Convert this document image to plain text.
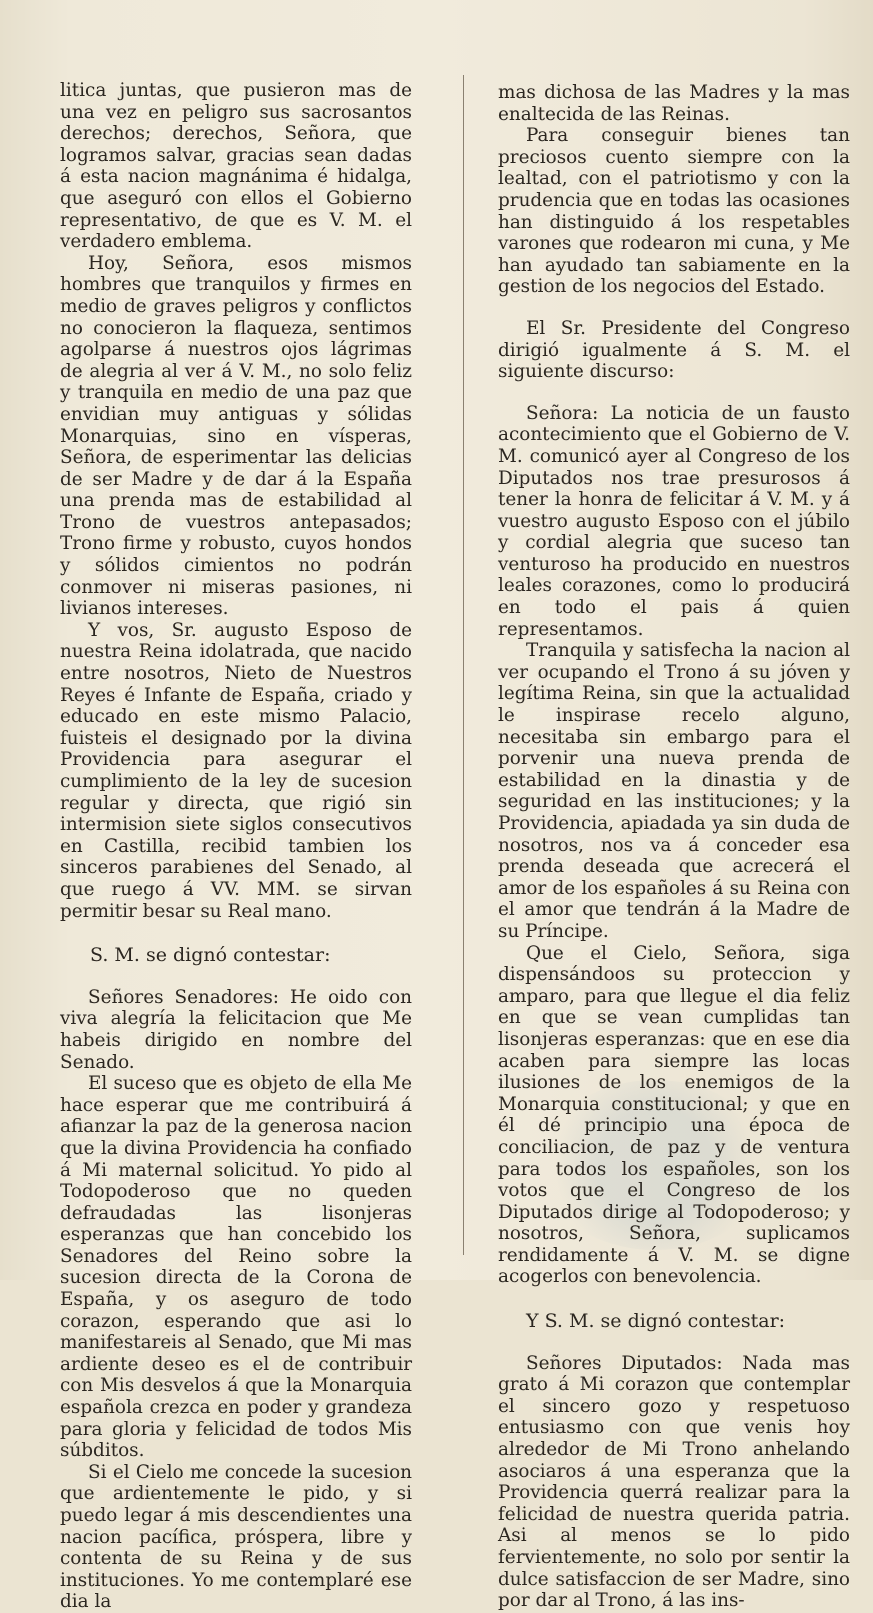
litica juntas, que pusieron mas de una vez en peligro sus sacrosantos derechos; derechos, Señora, que logramos salvar, gracias sean dadas á esta nacion magnánima é hidalga, que aseguró con ellos el Gobierno representativo, de que es V. M. el verdadero emblema.

Hoy, Señora, esos mismos hombres que tranquilos y firmes en medio de graves peligros y conflictos no conocieron la flaqueza, sentimos agolparse á nuestros ojos lágrimas de alegria al ver á V. M., no solo feliz y tranquila en medio de una paz que envidian muy antiguas y sólidas Monarquias, sino en vísperas, Señora, de esperimentar las delicias de ser Madre y de dar á la España una prenda mas de estabilidad al Trono de vuestros antepasados; Trono firme y robusto, cuyos hondos y sólidos cimientos no podrán conmover ni miseras pasiones, ni livianos intereses.

Y vos, Sr. augusto Esposo de nuestra Reina idolatrada, que nacido entre nosotros, Nieto de Nuestros Reyes é Infante de España, criado y educado en este mismo Palacio, fuisteis el designado por la divina Providencia para asegurar el cumplimiento de la ley de sucesion regular y directa, que rigió sin intermision siete siglos consecutivos en Castilla, recibid tambien los sinceros parabienes del Senado, al que ruego á VV. MM. se sirvan permitir besar su Real mano.

S. M. se dignó contestar:

Señores Senadores: He oido con viva alegría la felicitacion que Me habeis dirigido en nombre del Senado.

El suceso que es objeto de ella Me hace esperar que me contribuirá á afianzar la paz de la generosa nacion que la divina Providencia ha confiado á Mi maternal solicitud. Yo pido al Todopoderoso que no queden defraudadas las lisonjeras esperanzas que han concebido los Senadores del Reino sobre la sucesion directa de la Corona de España, y os aseguro de todo corazon, esperando que asi lo manifestareis al Senado, que Mi mas ardiente deseo es el de contribuir con Mis desvelos á que la Monarquia española crezca en poder y grandeza para gloria y felicidad de todos Mis súbditos.

Si el Cielo me concede la sucesion que ardientemente le pido, y si puedo legar á mis descendientes una nacion pacífica, próspera, libre y contenta de su Reina y de sus instituciones. Yo me contemplaré ese dia la

mas dichosa de las Madres y la mas enaltecida de las Reinas.

Para conseguir bienes tan preciosos cuento siempre con la lealtad, con el patriotismo y con la prudencia que en todas las ocasiones han distinguido á los respetables varones que rodearon mi cuna, y Me han ayudado tan sabiamente en la gestion de los negocios del Estado.

El Sr. Presidente del Congreso dirigió igualmente á S. M. el siguiente discurso:

Señora: La noticia de un fausto acontecimiento que el Gobierno de V. M. comunicó ayer al Congreso de los Diputados nos trae presurosos á tener la honra de felicitar á V. M. y á vuestro augusto Esposo con el júbilo y cordial alegria que suceso tan venturoso ha producido en nuestros leales corazones, como lo producirá en todo el pais á quien representamos.

Tranquila y satisfecha la nacion al ver ocupando el Trono á su jóven y legítima Reina, sin que la actualidad le inspirase recelo alguno, necesitaba sin embargo para el porvenir una nueva prenda de estabilidad en la dinastia y de seguridad en las instituciones; y la Providencia, apiadada ya sin duda de nosotros, nos va á conceder esa prenda deseada que acrecerá el amor de los españoles á su Reina con el amor que tendrán á la Madre de su Príncipe.

Que el Cielo, Señora, siga dispensándoos su proteccion y amparo, para que llegue el dia feliz en que se vean cumplidas tan lisonjeras esperanzas: que en ese dia acaben para siempre las locas ilusiones de los enemigos de la Monarquia constitucional; y que en él dé principio una época de conciliacion, de paz y de ventura para todos los españoles, son los votos que el Congreso de los Diputados dirige al Todopoderoso; y nosotros, Señora, suplicamos rendidamente á V. M. se digne acogerlos con benevolencia.

Y S. M. se dignó contestar:

Señores Diputados: Nada mas grato á Mi corazon que contemplar el sincero gozo y respetuoso entusiasmo con que venis hoy alrededor de Mi Trono anhelando asociaros á una esperanza que la Providencia querrá realizar para la felicidad de nuestra querida patria. Asi al menos se lo pido fervientemente, no solo por sentir la dulce satisfaccion de ser Madre, sino por dar al Trono, á las ins-
